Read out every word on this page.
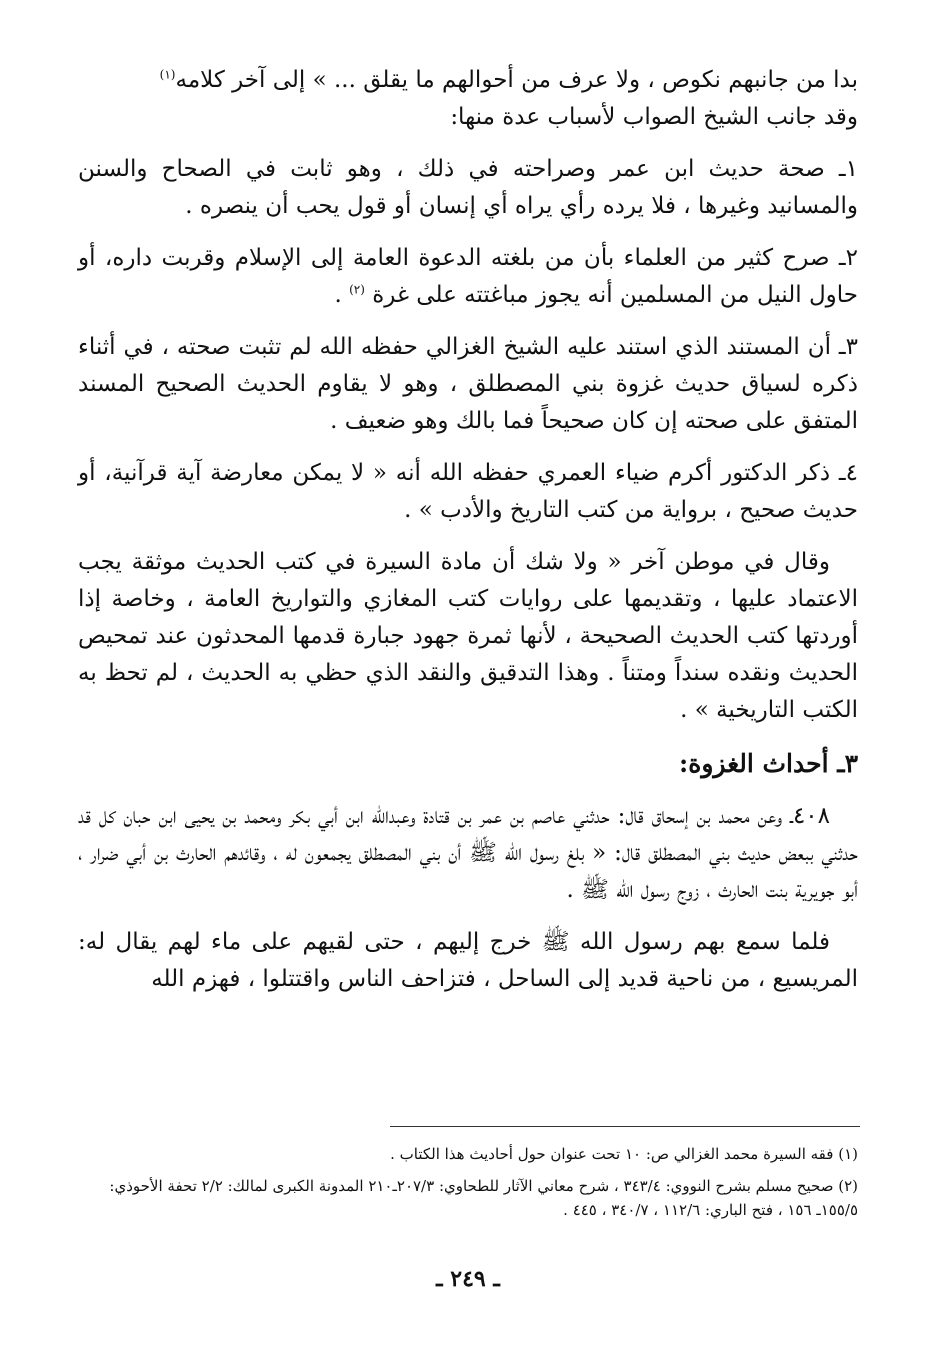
بدا من جانبهم نكوص ، ولا عرف من أحوالهم ما يقلق ... » إلى آخر كلامه$^{(١)}$
وقد جانب الشيخ الصواب لأسباب عدة منها:

١ـ صحة حديث ابن عمر وصراحته في ذلك ، وهو ثابت في الصحاح والسنن والمسانيد وغيرها ، فلا يرده رأي يراه أي إنسان أو قول يحب أن ينصره .

٢ـ صرح كثير من العلماء بأن من بلغته الدعوة العامة إلى الإسلام وقربت داره، أو حاول النيل من المسلمين أنه يجوز مباغتته على غرة $^{(٢)}$ .

٣ـ أن المستند الذي استند عليه الشيخ الغزالي حفظه الله لم تثبت صحته ، في أثناء ذكره لسياق حديث غزوة بني المصطلق ، وهو لا يقاوم الحديث الصحيح المسند المتفق على صحته إن كان صحيحاً فما بالك وهو ضعيف .

٤ـ ذكر الدكتور أكرم ضياء العمري حفظه الله أنه « لا يمكن معارضة آية قرآنية، أو حديث صحيح ، برواية من كتب التاريخ والأدب » .

وقال في موطن آخر « ولا شك أن مادة السيرة في كتب الحديث موثقة يجب الاعتماد عليها ، وتقديمها على روايات كتب المغازي والتواريخ العامة ، وخاصة إذا أوردتها كتب الحديث الصحيحة ، لأنها ثمرة جهود جبارة قدمها المحدثون عند تمحيص الحديث ونقده سنداً ومتناً . وهذا التدقيق والنقد الذي حظي به الحديث ، لم تحظ به الكتب التاريخية » .

٣ـ أحداث الغزوة:

٤٠٨ـ وعن محمد بن إسحاق قال: حدثني عاصم بن عمر بن قتادة وعبدالله ابن أبي بكر ومحمد بن يحيى ابن حبان كل قد حدثني ببعض حديث بني المصطلق قال: « بلغ رسول الله ﷺ أن بني المصطلق يجمعون له ، وقائدهم الحارث بن أبي ضرار ، أبو جويرية بنت الحارث ، زوج رسول الله ﷺ .

فلما سمع بهم رسول الله ﷺ خرج إليهم ، حتى لقيهم على ماء لهم يقال له: المريسيع ، من ناحية قديد إلى الساحل ، فتزاحف الناس واقتتلوا ، فهزم الله

(١) فقه السيرة محمد الغزالي ص: ١٠ تحت عنوان حول أحاديث هذا الكتاب .

(٢) صحيح مسلم بشرح النووي: ٣٤٣/٤ ، شرح معاني الآثار للطحاوي: ٢٠٧/٣ـ٢١٠ المدونة الكبرى لمالك: ٢/٢ تحفة الأحوذي: ١٥٥/٥ـ ١٥٦ ، فتح الباري: ١١٢/٦ ، ٣٤٠/٧ ، ٤٤٥ .

ـ ٢٤٩ ـ
